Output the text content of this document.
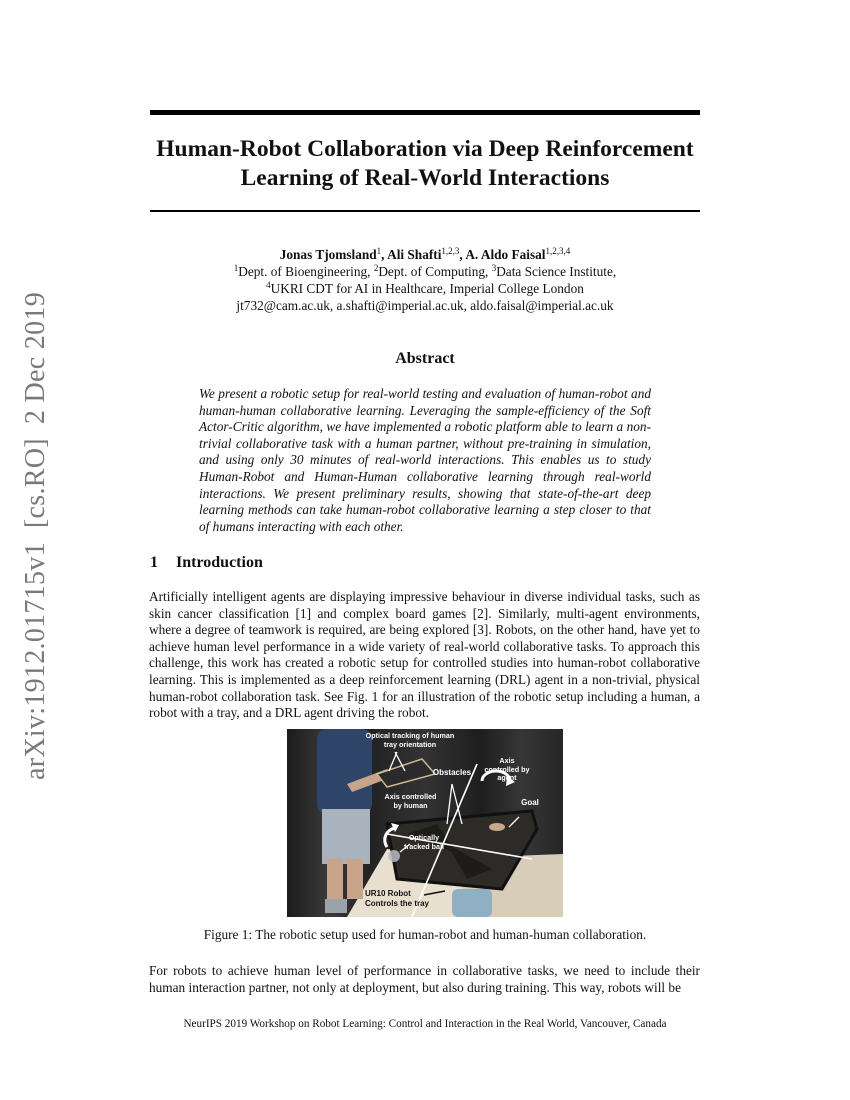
arXiv:1912.01715v1[cs.RO]2 Dec 2019
Human-Robot Collaboration via Deep Reinforcement
Learning of Real-World Interactions
Jonas Tjomsland$^1$, Ali Shafti$^{1,2,3}$, A. Aldo Faisal$^{1,2,3,4}$
$^1$Dept. of Bioengineering, $^2$Dept. of Computing, $^3$Data Science Institute,
$^4$UKRI CDT for AI in Healthcare, Imperial College London
jt732@cam.ac.uk, a.shafti@imperial.ac.uk, aldo.faisal@imperial.ac.uk
Abstract
We present a robotic setup for real-world testing and evaluation of human-robot and human-human collaborative learning. Leveraging the sample-efficiency of the Soft Actor-Critic algorithm, we have implemented a robotic platform able to learn a non-trivial collaborative task with a human partner, without pre-training in simulation, and using only 30 minutes of real-world interactions. This enables us to study Human-Robot and Human-Human collaborative learning through real-world interactions. We present preliminary results, showing that state-of-the-art deep learning methods can take human-robot collaborative learning a step closer to that of humans interacting with each other.
1 Introduction
Artificially intelligent agents are displaying impressive behaviour in diverse individual tasks, such as skin cancer classification [1] and complex board games [2]. Similarly, multi-agent environments, where a degree of teamwork is required, are being explored [3]. Robots, on the other hand, have yet to achieve human level performance in a wide variety of real-world collaborative tasks. To approach this challenge, this work has created a robotic setup for controlled studies into human-robot collaborative learning. This is implemented as a deep reinforcement learning (DRL) agent in a non-trivial, physical human-robot collaboration task. See Fig. 1 for an illustration of the robotic setup including a human, a robot with a tray, and a DRL agent driving the robot.
Optical tracking of human tray orientation
Obstacles
Axis controlled by agent
Axis controlled by human	Goal
Optically tracked ball
UR10 Robot
Controls the tray
Figure 1: The robotic setup used for human-robot and human-human collaboration.
For robots to achieve human level of performance in collaborative tasks, we need to include their human interaction partner, not only at deployment, but also during training. This way, robots will be
NeurIPS 2019 Workshop on Robot Learning: Control and Interaction in the Real World, Vancouver, Canada
